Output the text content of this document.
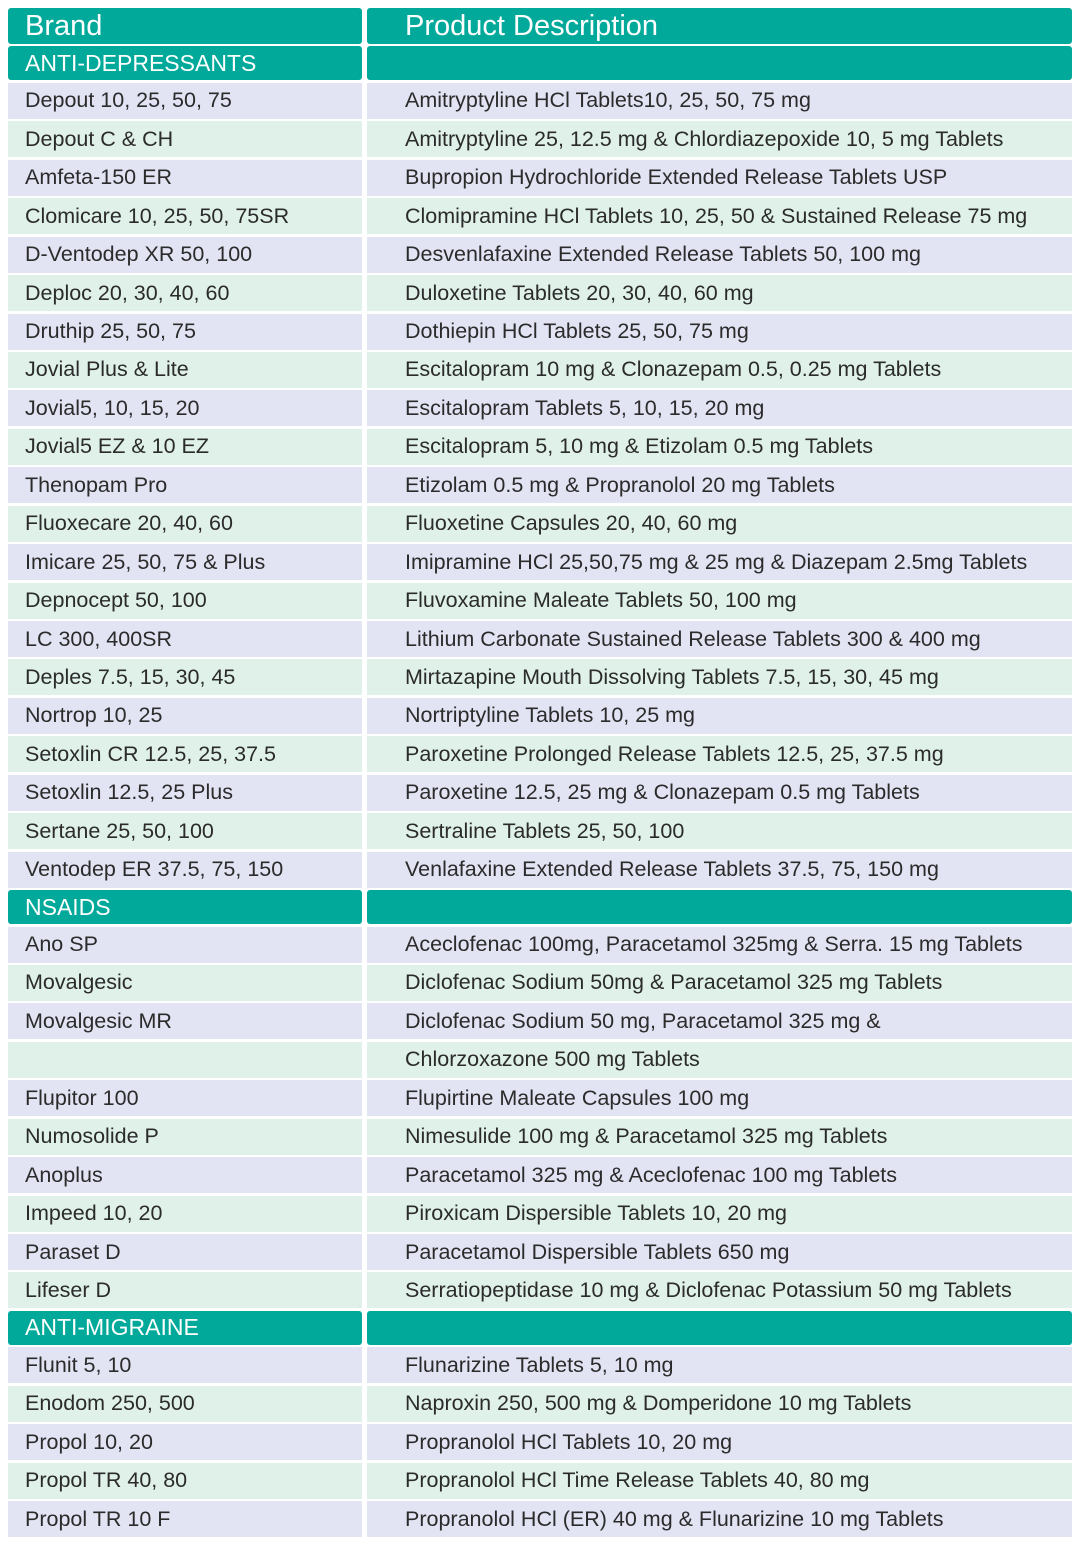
Brand	Product Description
ANTI-DEPRESSANTS
Depout 10, 25, 50, 75	Amitryptyline HCl Tablets10, 25, 50, 75 mg
Depout C & CH	Amitryptyline 25, 12.5 mg & Chlordiazepoxide 10, 5 mg Tablets
Amfeta-150 ER	Bupropion Hydrochloride Extended Release Tablets USP
Clomicare 10, 25, 50, 75SR	Clomipramine HCl Tablets 10, 25, 50 & Sustained Release 75 mg
D-Ventodep XR 50, 100	Desvenlafaxine Extended Release Tablets 50, 100 mg
Deploc 20, 30, 40, 60	Duloxetine Tablets 20, 30, 40, 60 mg
Druthip 25, 50, 75	Dothiepin HCl Tablets 25, 50, 75 mg
Jovial Plus & Lite	Escitalopram 10 mg & Clonazepam 0.5, 0.25 mg Tablets
Jovial5, 10, 15, 20	Escitalopram Tablets 5, 10, 15, 20 mg
Jovial5 EZ & 10 EZ	Escitalopram 5, 10 mg & Etizolam 0.5 mg Tablets
Thenopam Pro	Etizolam 0.5 mg & Propranolol 20 mg Tablets
Fluoxecare 20, 40, 60	Fluoxetine Capsules 20, 40, 60 mg
Imicare 25, 50, 75 & Plus	Imipramine HCl 25,50,75 mg & 25 mg & Diazepam 2.5mg Tablets
Depnocept 50, 100	Fluvoxamine Maleate Tablets 50, 100 mg
LC 300, 400SR	Lithium Carbonate Sustained Release Tablets 300 & 400 mg
Deples 7.5, 15, 30, 45	Mirtazapine Mouth Dissolving Tablets 7.5, 15, 30, 45 mg
Nortrop 10, 25	Nortriptyline Tablets 10, 25 mg
Setoxlin CR 12.5, 25, 37.5	Paroxetine Prolonged Release Tablets 12.5, 25, 37.5 mg
Setoxlin 12.5, 25 Plus	Paroxetine 12.5, 25 mg & Clonazepam 0.5 mg Tablets
Sertane 25, 50, 100	Sertraline Tablets 25, 50, 100
Ventodep ER 37.5, 75, 150	Venlafaxine Extended Release Tablets 37.5, 75, 150 mg
NSAIDS
Ano SP	Aceclofenac 100mg, Paracetamol 325mg & Serra. 15 mg Tablets
Movalgesic	Diclofenac Sodium 50mg & Paracetamol 325 mg Tablets
Movalgesic MR	Diclofenac Sodium 50 mg, Paracetamol 325 mg &
Chlorzoxazone 500 mg Tablets
Flupitor 100	Flupirtine Maleate Capsules 100 mg
Numosolide P	Nimesulide 100 mg & Paracetamol 325 mg Tablets
Anoplus	Paracetamol 325 mg & Aceclofenac 100 mg Tablets
Impeed 10, 20	Piroxicam Dispersible Tablets 10, 20 mg
Paraset D	Paracetamol Dispersible Tablets 650 mg
Lifeser D	Serratiopeptidase 10 mg & Diclofenac Potassium 50 mg Tablets
ANTI-MIGRAINE
Flunit 5, 10	Flunarizine Tablets 5, 10 mg
Enodom 250, 500	Naproxin 250, 500 mg & Domperidone 10 mg Tablets
Propol 10, 20	Propranolol HCl Tablets 10, 20 mg
Propol TR 40, 80	Propranolol HCl Time Release Tablets 40, 80 mg
Propol TR 10 F	Propranolol HCl (ER) 40 mg & Flunarizine 10 mg Tablets
